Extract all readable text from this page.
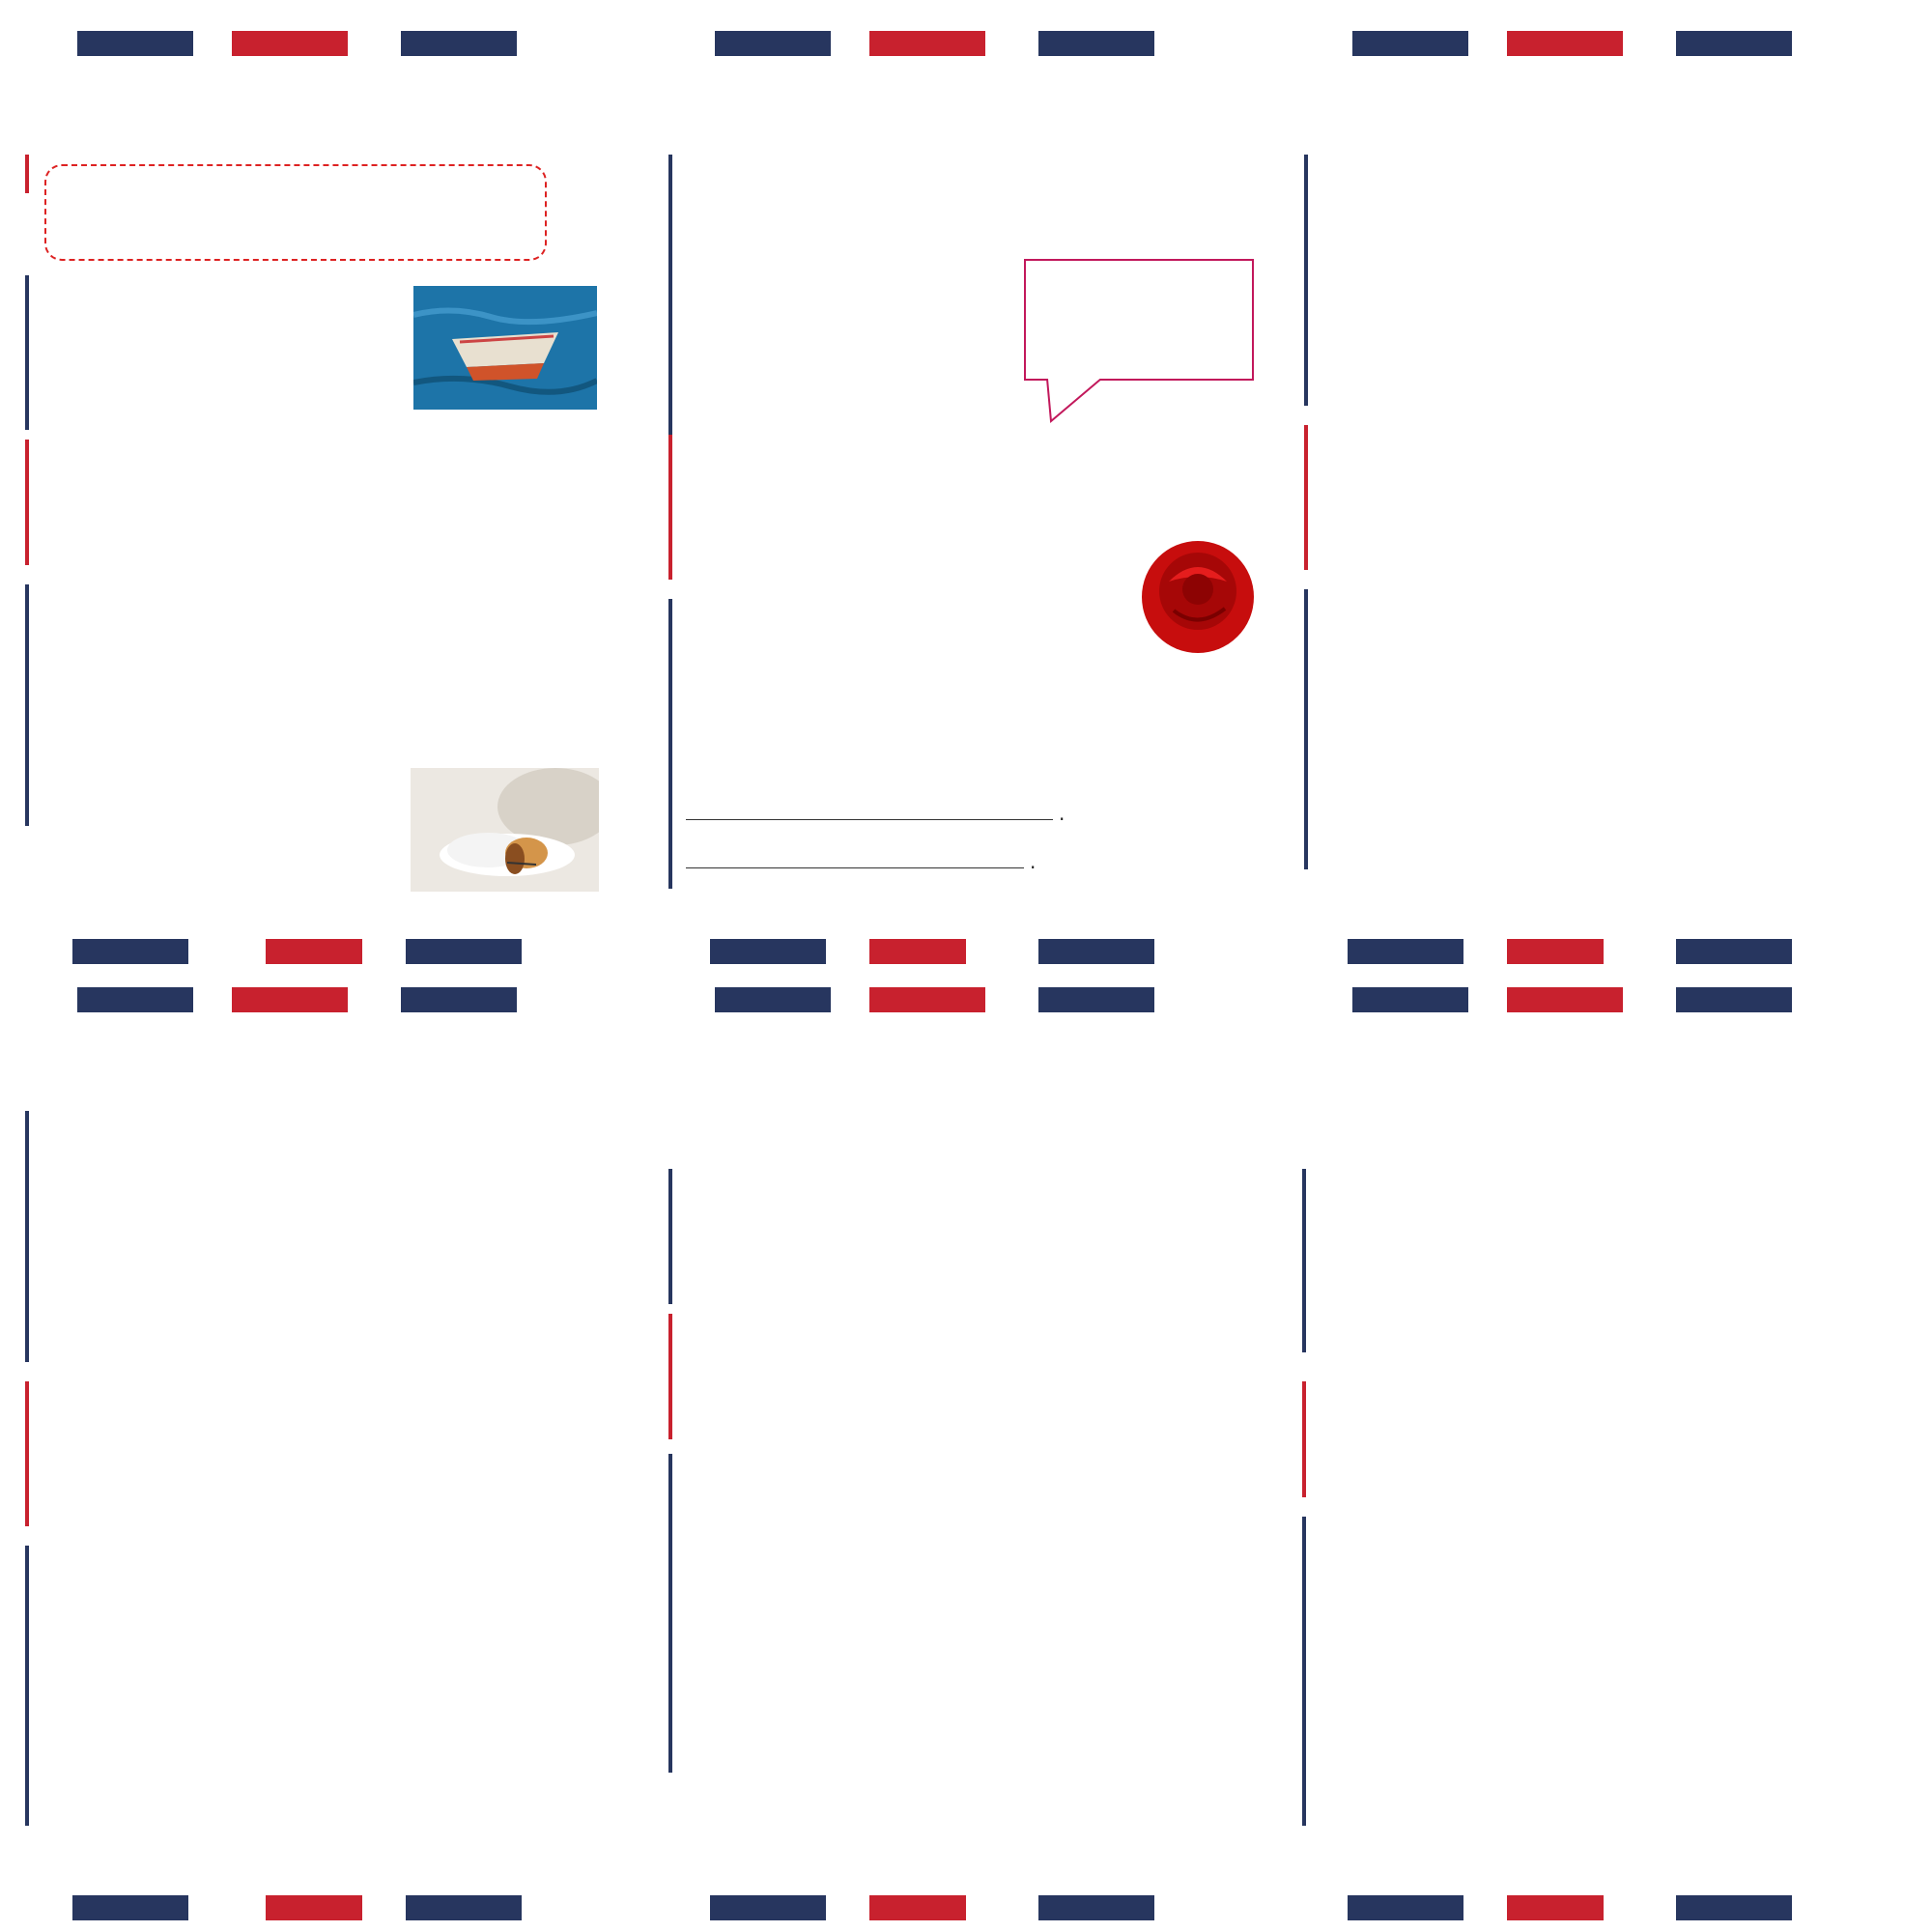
.
.
